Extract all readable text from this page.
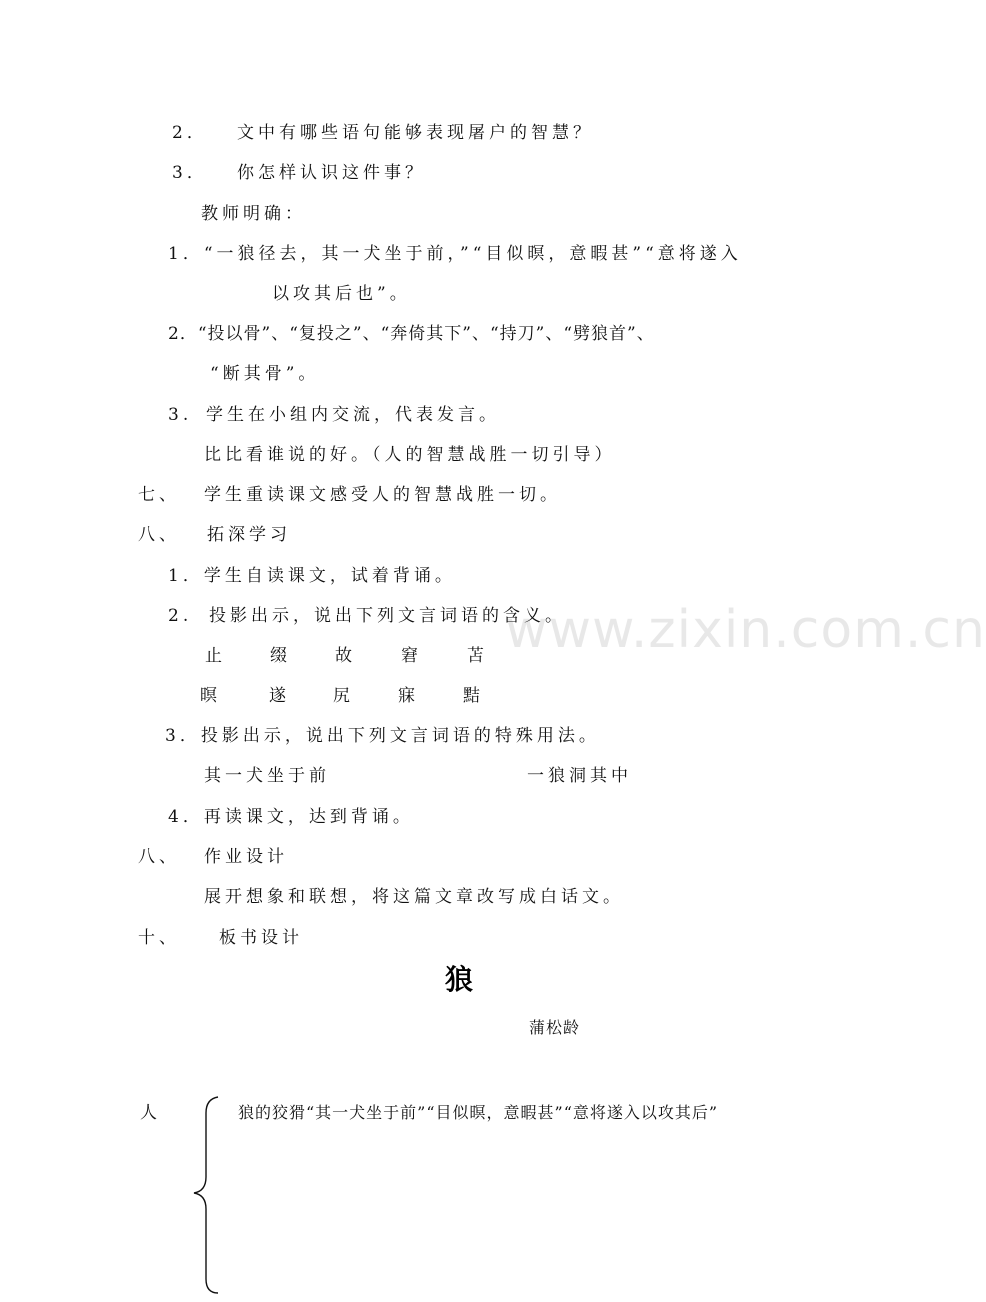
www.zixin.com.cn
2． 文中有哪些语句能够表现屠户的智慧？
3． 你怎样认识这件事？
教师明确：
1．“一狼径去，其一犬坐于前，”“目似暝，意暇甚”“意将遂入
以攻其后也”。
2．“投以骨”、“复投之”、“奔倚其下”、“持刀”、“劈狼首”、
“断其骨”。
3. 学生在小组内交流，代表发言。
比比看谁说的好。（人的智慧战胜一切引导）
七、 学生重读课文感受人的智慧战胜一切。
八、 拓深学习
1．学生自读课文，试着背诵。
2. 投影出示，说出下列文言词语的含义。
止	缀	故	窘	苫
暝	遂	尻	寐	黠
3．投影出示，说出下列文言词语的特殊用法。
其一犬坐于前	一狼洞其中
4．再读课文，达到背诵。
八、 作业设计
展开想象和联想，将这篇文章改写成白话文。
十、 板书设计
狼
蒲松龄
人	狼的狡猾“其一犬坐于前”“目似暝，意暇甚”“意将遂入以攻其后”
